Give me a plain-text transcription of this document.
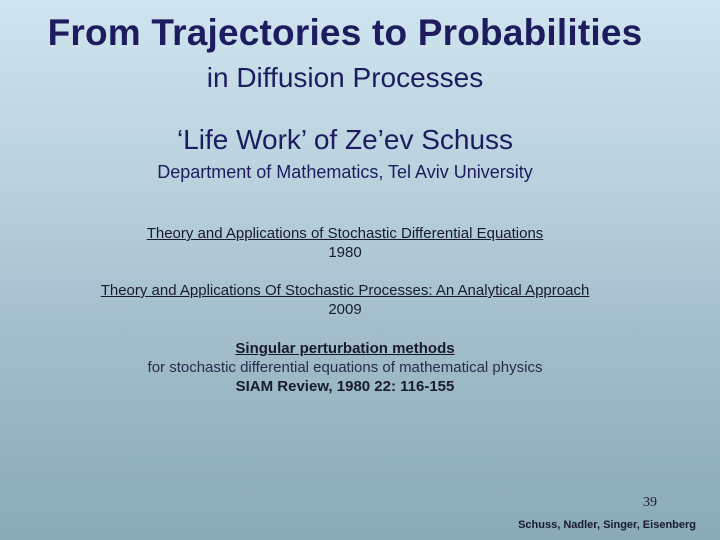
From Trajectories to Probabilities
in Diffusion Processes
‘Life Work’ of Ze’ev Schuss
Department of Mathematics, Tel Aviv University
Theory and Applications of Stochastic Differential Equations
1980
Theory and Applications Of Stochastic Processes: An Analytical Approach
2009
Singular perturbation methods
for stochastic differential equations of mathematical physics
SIAM Review, 1980 22: 116-155
39
Schuss, Nadler, Singer, Eisenberg
